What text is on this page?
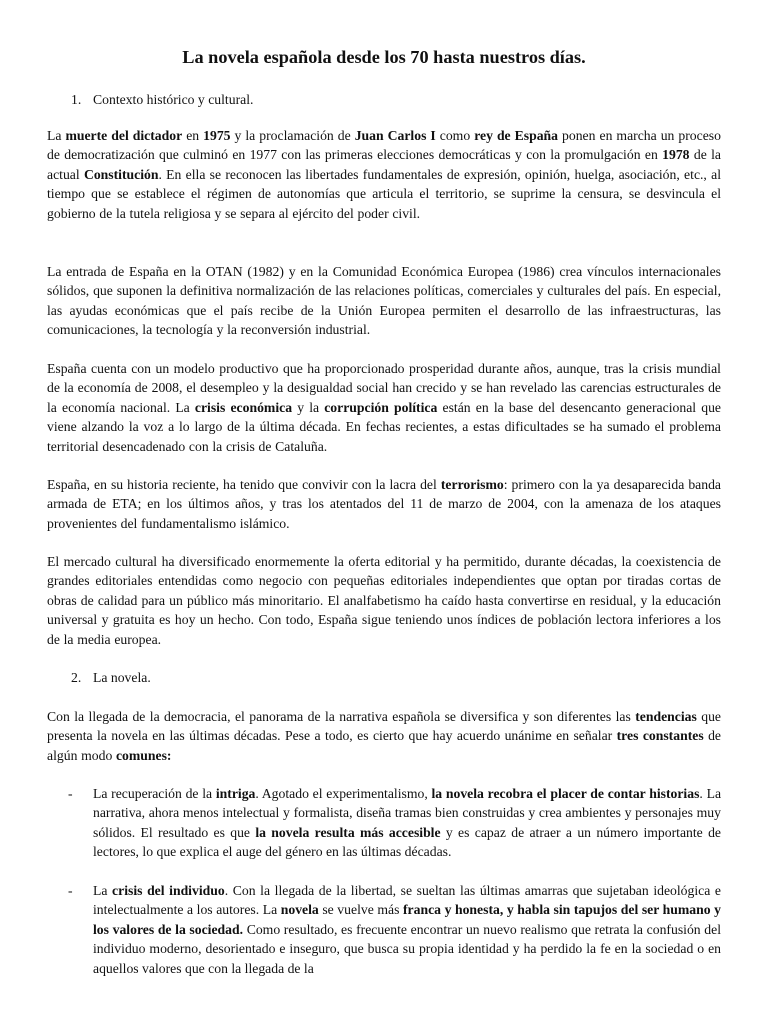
La novela española desde los 70 hasta nuestros días.

1. Contexto histórico y cultural.

La muerte del dictador en 1975 y la proclamación de Juan Carlos I como rey de España ponen en marcha un proceso de democratización que culminó en 1977 con las primeras elecciones democráticas y con la promulgación en 1978 de la actual Constitución. En ella se reconocen las libertades fundamentales de expresión, opinión, huelga, asociación, etc., al tiempo que se establece el régimen de autonomías que articula el territorio, se suprime la censura, se desvincula el gobierno de la tutela religiosa y se separa al ejército del poder civil.

La entrada de España en la OTAN (1982) y en la Comunidad Económica Europea (1986) crea vínculos internacionales sólidos, que suponen la definitiva normalización de las relaciones políticas, comerciales y culturales del país. En especial, las ayudas económicas que el país recibe de la Unión Europea permiten el desarrollo de las infraestructuras, las comunicaciones, la tecnología y la reconversión industrial.

España cuenta con un modelo productivo que ha proporcionado prosperidad durante años, aunque, tras la crisis mundial de la economía de 2008, el desempleo y la desigualdad social han crecido y se han revelado las carencias estructurales de la economía nacional. La crisis económica y la corrupción política están en la base del desencanto generacional que viene alzando la voz a lo largo de la última década. En fechas recientes, a estas dificultades se ha sumado el problema territorial desencadenado con la crisis de Cataluña.

España, en su historia reciente, ha tenido que convivir con la lacra del terrorismo: primero con la ya desaparecida banda armada de ETA; en los últimos años, y tras los atentados del 11 de marzo de 2004, con la amenaza de los ataques provenientes del fundamentalismo islámico.

El mercado cultural ha diversificado enormemente la oferta editorial y ha permitido, durante décadas, la coexistencia de grandes editoriales entendidas como negocio con pequeñas editoriales independientes que optan por tiradas cortas de obras de calidad para un público más minoritario. El analfabetismo ha caído hasta convertirse en residual, y la educación universal y gratuita es hoy un hecho. Con todo, España sigue teniendo unos índices de población lectora inferiores a los de la media europea.

2. La novela.

Con la llegada de la democracia, el panorama de la narrativa española se diversifica y son diferentes las tendencias que presenta la novela en las últimas décadas. Pese a todo, es cierto que hay acuerdo unánime en señalar tres constantes de algún modo comunes:

- La recuperación de la intriga. Agotado el experimentalismo, la novela recobra el placer de contar historias. La narrativa, ahora menos intelectual y formalista, diseña tramas bien construidas y crea ambientes y personajes muy sólidos. El resultado es que la novela resulta más accesible y es capaz de atraer a un número importante de lectores, lo que explica el auge del género en las últimas décadas.
- La crisis del individuo. Con la llegada de la libertad, se sueltan las últimas amarras que sujetaban ideológica e intelectualmente a los autores. La novela se vuelve más franca y honesta, y habla sin tapujos del ser humano y los valores de la sociedad. Como resultado, es frecuente encontrar un nuevo realismo que retrata la confusión del individuo moderno, desorientado e inseguro, que busca su propia identidad y ha perdido la fe en la sociedad o en aquellos valores que con la llegada de la
